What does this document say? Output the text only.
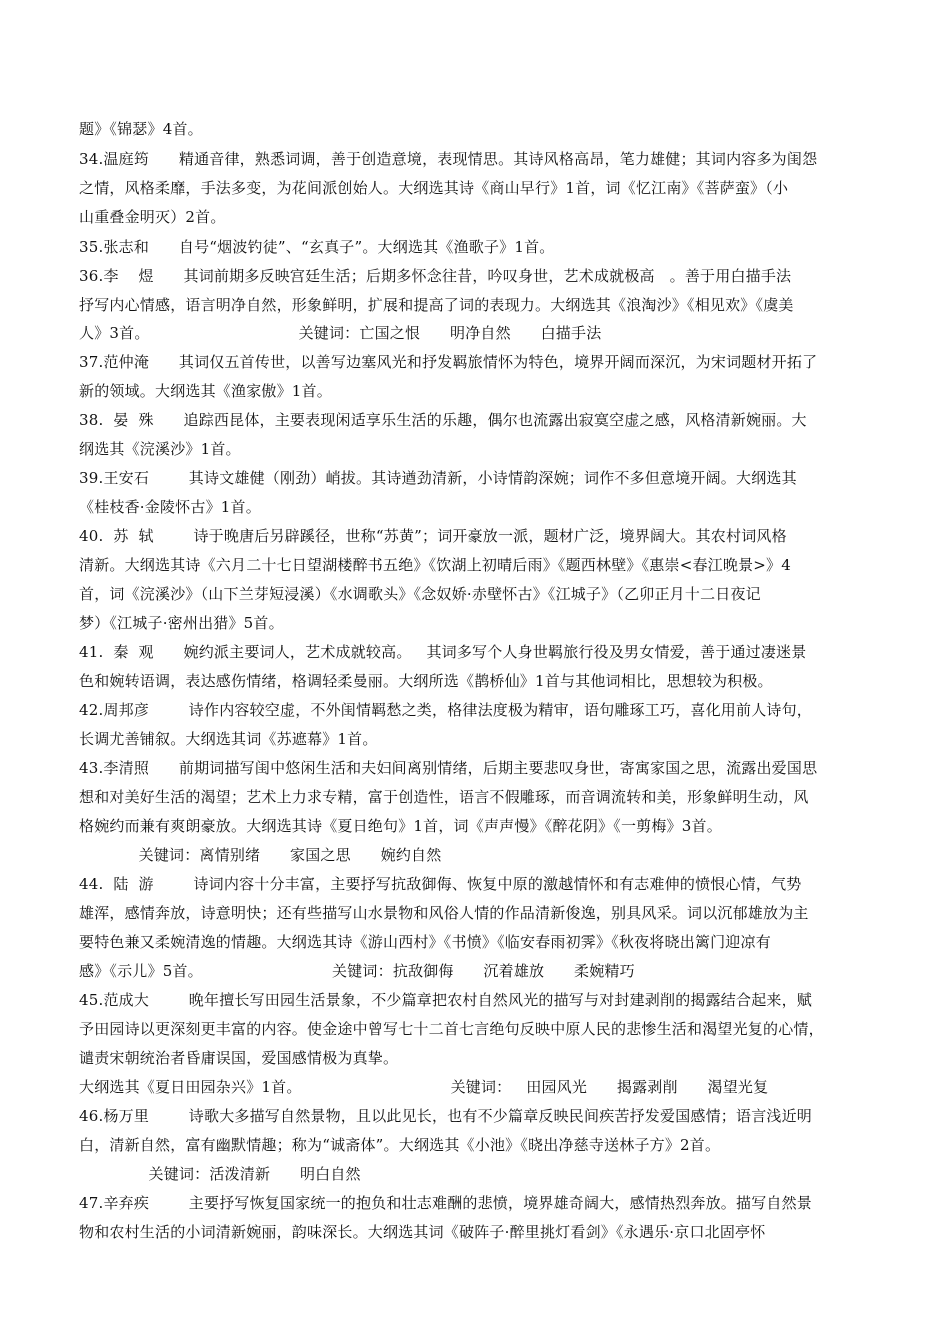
题》《锦瑟》4首。
34.温庭筠      精通音律，熟悉词调，善于创造意境，表现情思。其诗风格高昂，笔力雄健；其词内容多为闺怨
之情，风格柔靡，手法多变，为花间派创始人。大纲选其诗《商山早行》1首，词《忆江南》《菩萨蛮》（小
山重叠金明灭）2首。
35.张志和      自号“烟波钓徒”、“玄真子”。大纲选其《渔歌子》1首。
36.李    煜      其词前期多反映宫廷生活；后期多怀念往昔，吟叹身世，艺术成就极高   。善于用白描手法
抒写内心情感，语言明净自然，形象鲜明，扩展和提高了词的表现力。大纲选其《浪淘沙》《相见欢》《虞美
人》3首。                              关键词：亡国之恨      明净自然      白描手法
37.范仲淹      其词仅五首传世，以善写边塞风光和抒发羁旅情怀为特色，境界开阔而深沉，为宋词题材开拓了
新的领域。大纲选其《渔家傲》1首。
38.  晏  殊      追踪西昆体，主要表现闲适享乐生活的乐趣，偶尔也流露出寂寞空虚之感，风格清新婉丽。大
纲选其《浣溪沙》1首。
39.王安石        其诗文雄健（刚劲）峭拔。其诗遒劲清新，小诗情韵深婉；词作不多但意境开阔。大纲选其
《桂枝香·金陵怀古》1首。
40.  苏  轼        诗于晚唐后另辟蹊径，世称“苏黄”；词开豪放一派，题材广泛，境界阔大。其农村词风格
清新。大纲选其诗《六月二十七日望湖楼醉书五绝》《饮湖上初晴后雨》《题西林壁》《惠崇<春江晚景>》4
首，词《浣溪沙》（山下兰芽短浸溪）《水调歌头》《念奴娇·赤壁怀古》《江城子》（乙卯正月十二日夜记
梦）《江城子·密州出猎》5首。
41.  秦  观      婉约派主要词人，艺术成就较高。   其词多写个人身世羁旅行役及男女情爱，善于通过凄迷景
色和婉转语调，表达感伤情绪，格调轻柔曼丽。大纲所选《鹊桥仙》1首与其他词相比，思想较为积极。
42.周邦彦        诗作内容较空虚，不外闺情羁愁之类，格律法度极为精审，语句雕琢工巧，喜化用前人诗句，
长调尤善铺叙。大纲选其词《苏遮幕》1首。
43.李清照      前期词描写闺中悠闲生活和夫妇间离别情绪，后期主要悲叹身世，寄寓家国之思，流露出爱国思
想和对美好生活的渴望；艺术上力求专精，富于创造性，语言不假雕琢，而音调流转和美，形象鲜明生动，风
格婉约而兼有爽朗豪放。大纲选其诗《夏日绝句》1首，词《声声慢》《醉花阴》《一剪梅》3首。
关键词：离情别绪      家国之思      婉约自然
44.  陆  游        诗词内容十分丰富，主要抒写抗敌御侮、恢复中原的激越情怀和有志难伸的愤恨心情，气势
雄浑，感情奔放，诗意明快；还有些描写山水景物和风俗人情的作品清新俊逸，别具风采。词以沉郁雄放为主
要特色兼又柔婉清逸的情趣。大纲选其诗《游山西村》《书愤》《临安春雨初霁》《秋夜将晓出篱门迎凉有
感》《示儿》5首。                          关键词：抗敌御侮      沉着雄放      柔婉精巧
45.范成大        晚年擅长写田园生活景象，不少篇章把农村自然风光的描写与对封建剥削的揭露结合起来，赋
予田园诗以更深刻更丰富的内容。使金途中曾写七十二首七言绝句反映中原人民的悲惨生活和渴望光复的心情，
谴责宋朝统治者昏庸误国，爱国感情极为真挚。
大纲选其《夏日田园杂兴》1首。                              关键词：   田园风光      揭露剥削      渴望光复
46.杨万里        诗歌大多描写自然景物，且以此见长，也有不少篇章反映民间疾苦抒发爱国感情；语言浅近明
白，清新自然，富有幽默情趣；称为“诚斋体”。大纲选其《小池》《晓出净慈寺送林子方》2首。
关键词：活泼清新      明白自然
47.辛弃疾        主要抒写恢复国家统一的抱负和壮志难酬的悲愤，境界雄奇阔大，感情热烈奔放。描写自然景
物和农村生活的小词清新婉丽，韵味深长。大纲选其词《破阵子·醉里挑灯看剑》《永遇乐·京口北固亭怀
